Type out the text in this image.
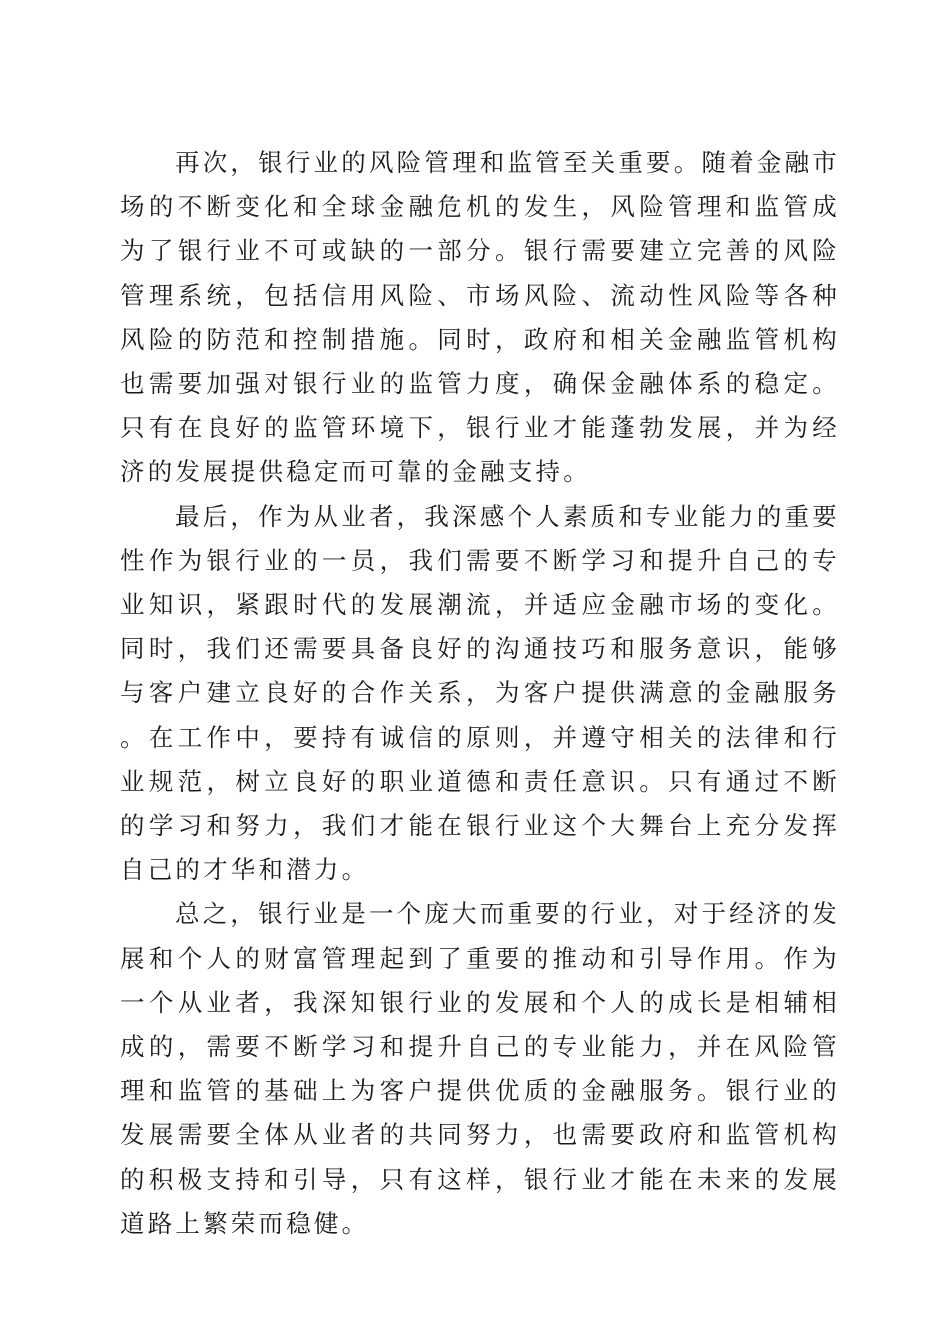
再次，银行业的风险管理和监管至关重要。随着金融市场的不断变化和全球金融危机的发生，风险管理和监管成为了银行业不可或缺的一部分。银行需要建立完善的风险管理系统，包括信用风险、市场风险、流动性风险等各种风险的防范和控制措施。同时，政府和相关金融监管机构也需要加强对银行业的监管力度，确保金融体系的稳定。只有在良好的监管环境下，银行业才能蓬勃发展，并为经济的发展提供稳定而可靠的金融支持。

最后，作为从业者，我深感个人素质和专业能力的重要性作为银行业的一员，我们需要不断学习和提升自己的专业知识，紧跟时代的发展潮流，并适应金融市场的变化。同时，我们还需要具备良好的沟通技巧和服务意识，能够与客户建立良好的合作关系，为客户提供满意的金融服务。在工作中，要持有诚信的原则，并遵守相关的法律和行业规范，树立良好的职业道德和责任意识。只有通过不断的学习和努力，我们才能在银行业这个大舞台上充分发挥自己的才华和潜力。

总之，银行业是一个庞大而重要的行业，对于经济的发展和个人的财富管理起到了重要的推动和引导作用。作为一个从业者，我深知银行业的发展和个人的成长是相辅相成的，需要不断学习和提升自己的专业能力，并在风险管理和监管的基础上为客户提供优质的金融服务。银行业的发展需要全体从业者的共同努力，也需要政府和监管机构的积极支持和引导，只有这样，银行业才能在未来的发展道路上繁荣而稳健。
